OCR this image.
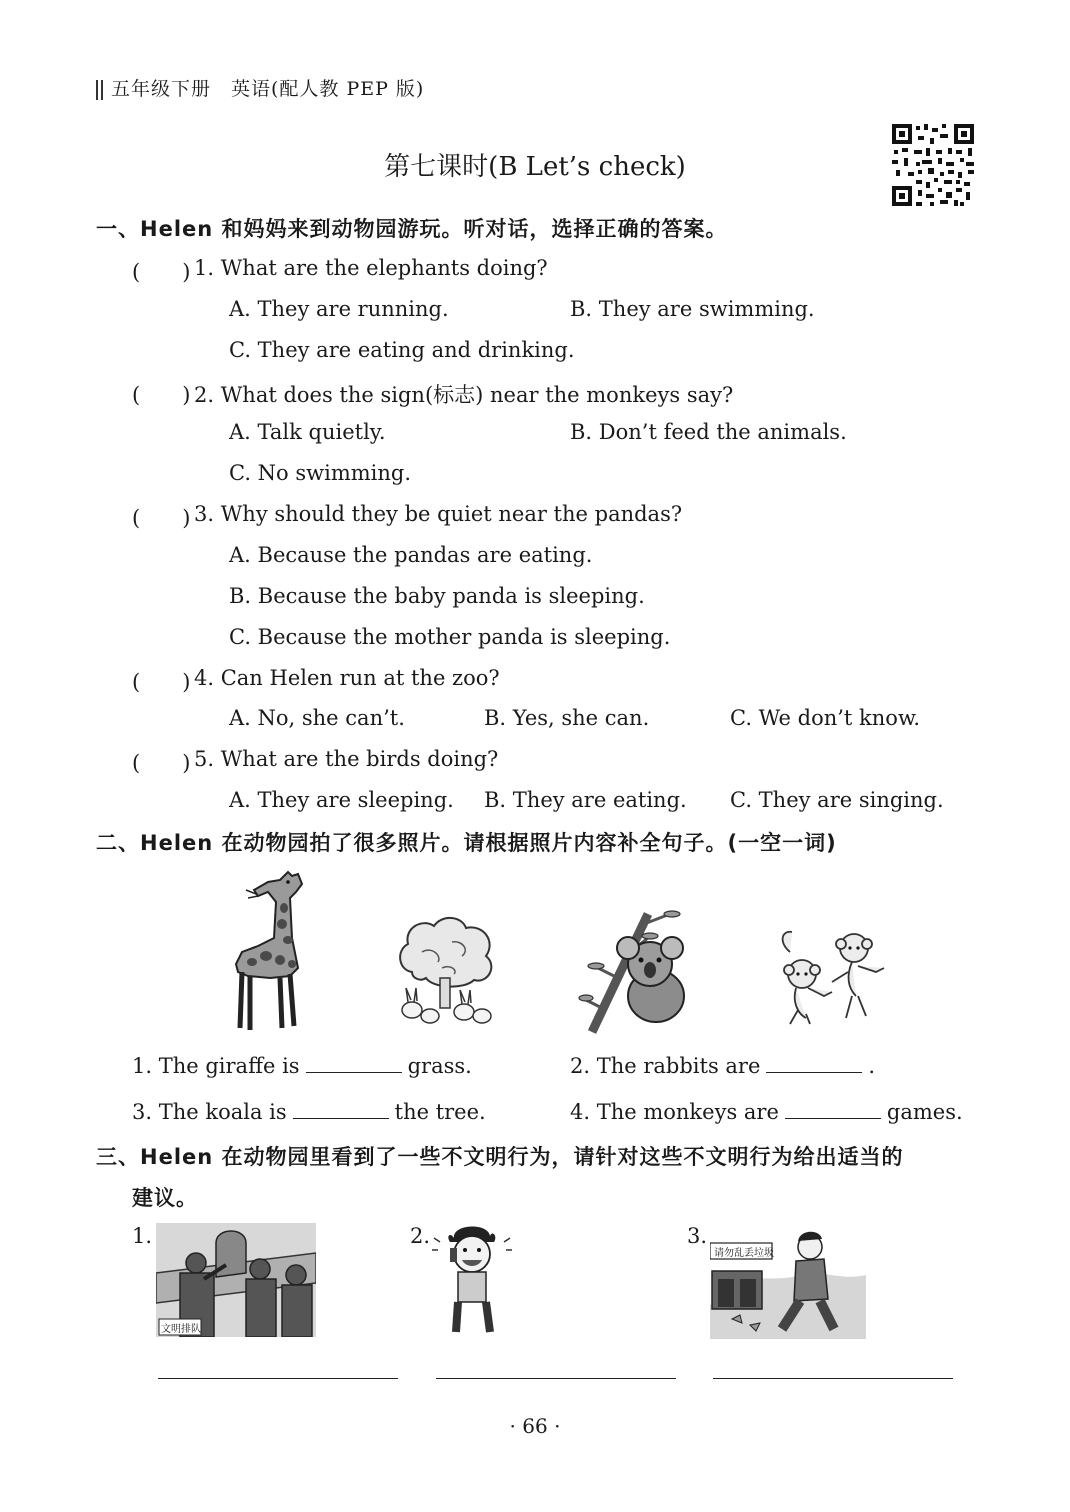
五年级下册　英语(配人教 PEP 版)
第七课时(B Let’s check)
一、Helen 和妈妈来到动物园游玩。听对话，选择正确的答案。
(　　) 1. What are the elephants doing?
A. They are running.	B. They are swimming.
C. They are eating and drinking.
(　　) 2. What does the sign(标志) near the monkeys say?
A. Talk quietly.	B. Don’t feed the animals.
C. No swimming.
(　　) 3. Why should they be quiet near the pandas?
A. Because the pandas are eating.
B. Because the baby panda is sleeping.
C. Because the mother panda is sleeping.
(　　) 4. Can Helen run at the zoo?
A. No, she can’t.	B. Yes, she can.	C. We don’t know.
(　　) 5. What are the birds doing?
A. They are sleeping. B. They are eating. C. They are singing.
二、Helen 在动物园拍了很多照片。请根据照片内容补全句子。(一空一词)
1. The giraffe is	grass.	2. The rabbits are	.
3. The koala is	the tree.	4. The monkeys are	games.
三、Helen 在动物园里看到了一些不文明行为，请针对这些不文明行为给出适当的
建议。
1.
文明排队
2.	3.
请勿乱丢垃圾
· 66 ·
